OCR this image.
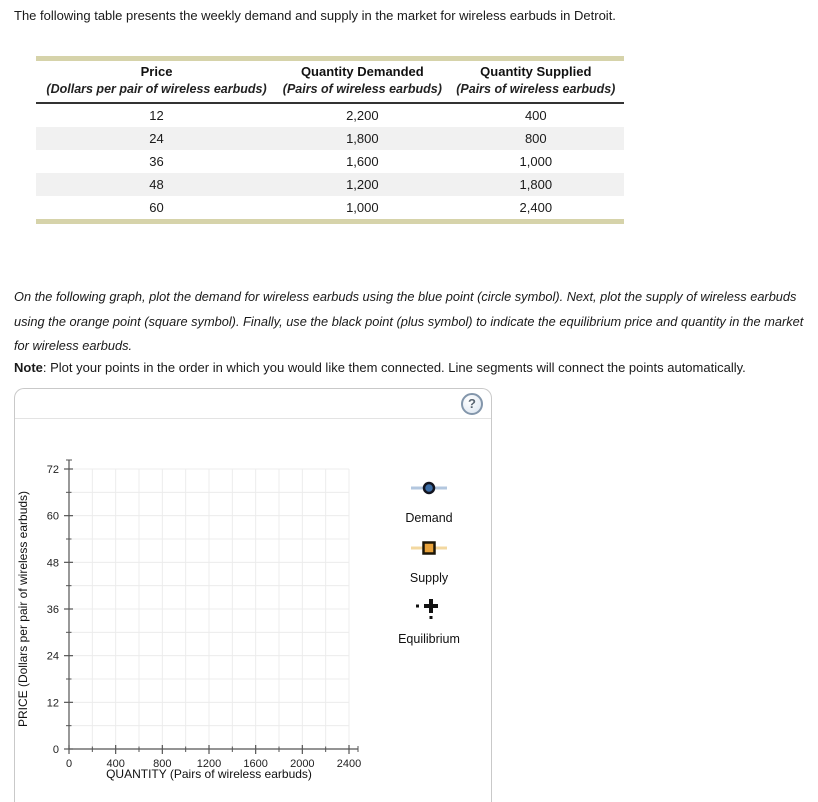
The following table presents the weekly demand and supply in the market for wireless earbuds in Detroit.
Price	Quantity Demanded	Quantity Supplied
(Dollars per pair of wireless earbuds)	(Pairs of wireless earbuds)	(Pairs of wireless earbuds)
12	2,200	400
24	1,800	800
36	1,600	1,000
48	1,200	1,800
60	1,000	2,400
On the following graph, plot the demand for wireless earbuds using the blue point (circle symbol). Next, plot the supply of wireless earbuds using the orange point (square symbol). Finally, use the black point (plus symbol) to indicate the equilibrium price and quantity in the market for wireless earbuds.
Note: Plot your points in the order in which you would like them connected. Line segments will connect the points automatically.
?
0	400	800 1200 1600 2000 2400
0
12
24
36
48
60
72
QUANTITY (Pairs of wireless earbuds)
PRICE (Dollars per pair of wireless earbuds)	Demand
Supply
Equilibrium
